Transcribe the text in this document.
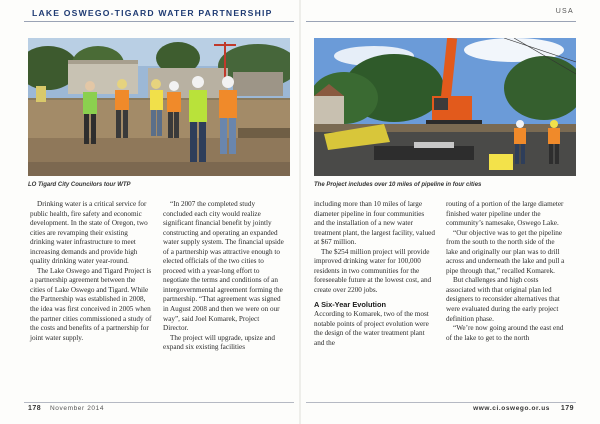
LAKE OSWEGO-TIGARD WATER PARTNERSHIP	USA
LO Tigard City Councilors tour WTP	The Project includes over 10 miles of pipeline in four cities

Drinking water is a critical service for public health, fire safety and economic development. In the state of Oregon, two cities are revamping their existing drinking water infrastructure to meet increasing demands and provide high quality drinking water year-round.

The Lake Oswego and Tigard Project is a partnership agreement between the cities of Lake Oswego and Tigard. While the Partnership was established in 2008, the idea was first conceived in 2005 when the partner cities commissioned a study of the costs and benefits of a partnership for joint water supply.

“In 2007 the completed study concluded each city would realize significant financial benefit by jointly constructing and operating an expanded water supply system. The financial upside of a partnership was attractive enough to elected officials of the two cities to proceed with a year-long effort to negotiate the terms and conditions of an intergovernmental agreement forming the partnership. “That agreement was signed in August 2008 and then we were on our way”, said Joel Komarek, Project Director.

The project will upgrade, upsize and expand six existing facilities

including more than 10 miles of large diameter pipeline in four communities and the installation of a new water treatment plant, the largest facility, valued at $67 million.

The $254 million project will provide improved drinking water for 100,000 residents in two communities for the foreseeable future at the lowest cost, and create over 2200 jobs.

A Six-Year Evolution

According to Komarek, two of the most notable points of project evolution were the design of the water treatment plant and the

routing of a portion of the large diameter finished water pipeline under the community’s namesake, Oswego Lake.

“Our objective was to get the pipeline from the south to the north side of the lake and originally our plan was to drill across and underneath the lake and pull a pipe through that,” recalled Komarek.

But challenges and high costs associated with that original plan led designers to reconsider alternatives that were evaluated during the early project definition phase.

“We’re now going around the east end of the lake to get to the north

178 November 2014	www.ci.oswego.or.us 179
